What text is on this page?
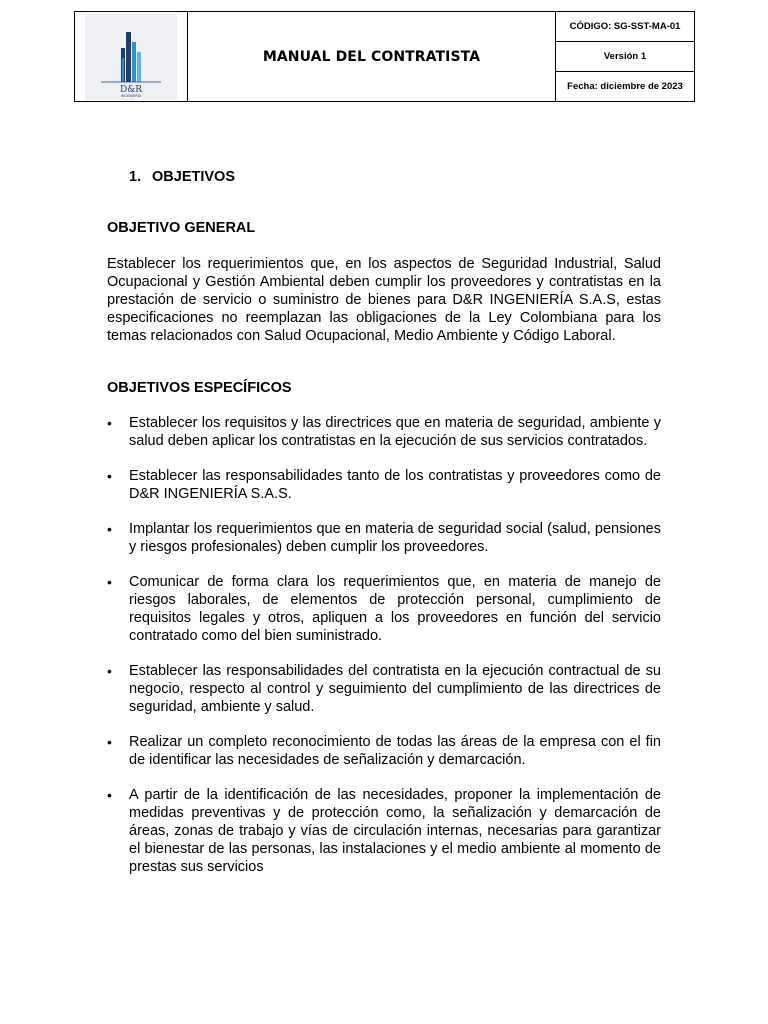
D&R
INGENIERÍA
	MANUAL DEL CONTRATISTA	CÓDIGO: SG-SST-MA-01
Versión 1
Fecha: diciembre de 2023
1. OBJETIVOS
OBJETIVO GENERAL
Establecer los requerimientos que, en los aspectos de Seguridad Industrial, Salud Ocupacional y Gestión Ambiental deben cumplir los proveedores y contratistas en la prestación de servicio o suministro de bienes para D&R INGENIERÍA S.A.S, estas especificaciones no reemplazan las obligaciones de la Ley Colombiana para los temas relacionados con Salud Ocupacional, Medio Ambiente y Código Laboral.
OBJETIVOS ESPECÍFICOS
• Establecer los requisitos y las directrices que en materia de seguridad, ambiente y salud deben aplicar los contratistas en la ejecución de sus servicios contratados.
• Establecer las responsabilidades tanto de los contratistas y proveedores como de D&R INGENIERÍA S.A.S.
• Implantar los requerimientos que en materia de seguridad social (salud, pensiones y riesgos profesionales) deben cumplir los proveedores.
• Comunicar de forma clara los requerimientos que, en materia de manejo de riesgos laborales, de elementos de protección personal, cumplimiento de requisitos legales y otros, apliquen a los proveedores en función del servicio contratado como del bien suministrado.
• Establecer las responsabilidades del contratista en la ejecución contractual de su negocio, respecto al control y seguimiento del cumplimiento de las directrices de seguridad, ambiente y salud.
• Realizar un completo reconocimiento de todas las áreas de la empresa con el fin de identificar las necesidades de señalización y demarcación.
• A partir de la identificación de las necesidades, proponer la implementación de medidas preventivas y de protección como, la señalización y demarcación de áreas, zonas de trabajo y vías de circulación internas, necesarias para garantizar el bienestar de las personas, las instalaciones y el medio ambiente al momento de prestas sus servicios
